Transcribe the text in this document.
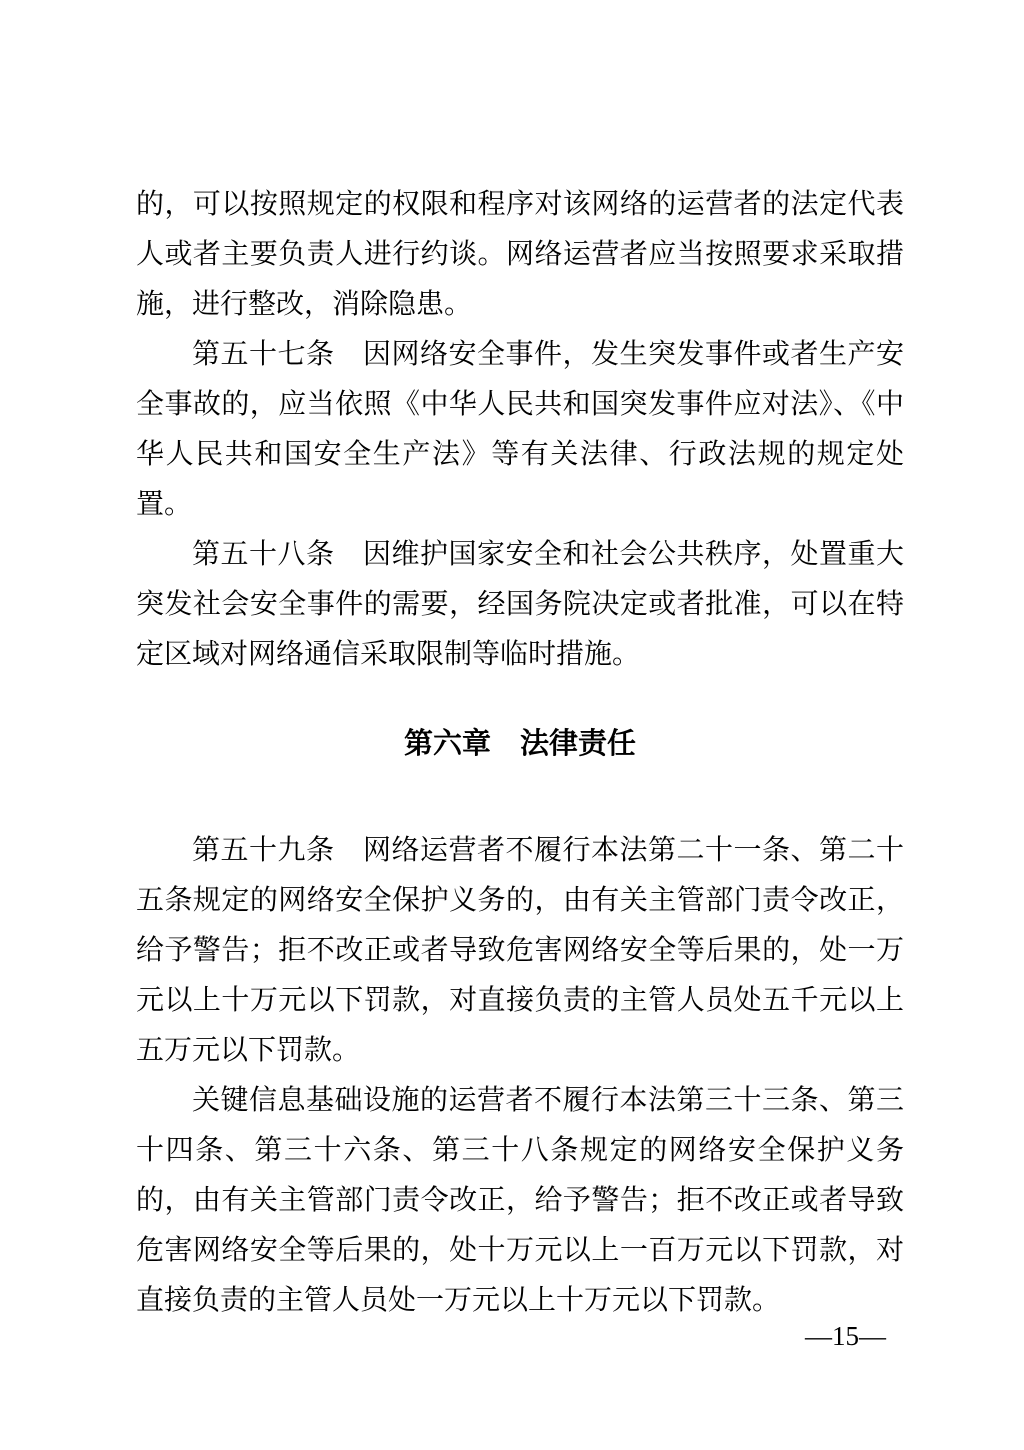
的，可以按照规定的权限和程序对该网络的运营者的法定代表人或者主要负责人进行约谈。网络运营者应当按照要求采取措施，进行整改，消除隐患。

第五十七条　因网络安全事件，发生突发事件或者生产安全事故的，应当依照《中华人民共和国突发事件应对法》、《中华人民共和国安全生产法》等有关法律、行政法规的规定处置。

第五十八条　因维护国家安全和社会公共秩序，处置重大突发社会安全事件的需要，经国务院决定或者批准，可以在特定区域对网络通信采取限制等临时措施。

第六章　法律责任

第五十九条　网络运营者不履行本法第二十一条、第二十五条规定的网络安全保护义务的，由有关主管部门责令改正，给予警告；拒不改正或者导致危害网络安全等后果的，处一万元以上十万元以下罚款，对直接负责的主管人员处五千元以上五万元以下罚款。

关键信息基础设施的运营者不履行本法第三十三条、第三十四条、第三十六条、第三十八条规定的网络安全保护义务的，由有关主管部门责令改正，给予警告；拒不改正或者导致危害网络安全等后果的，处十万元以上一百万元以下罚款，对直接负责的主管人员处一万元以上十万元以下罚款。

—15—
